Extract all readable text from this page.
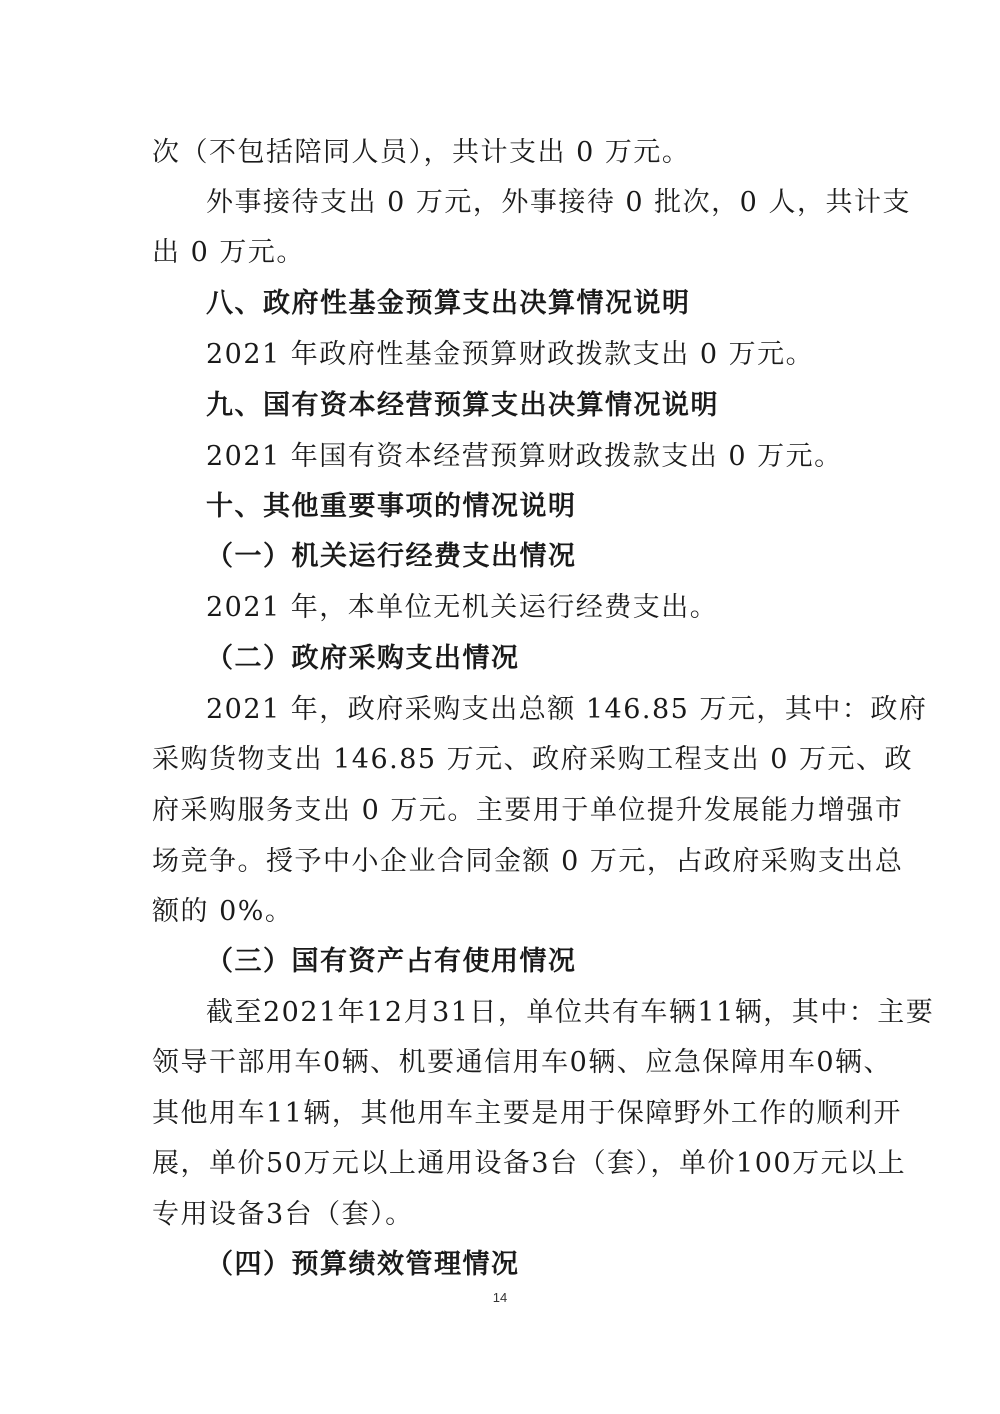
次（不包括陪同人员），共计支出 0 万元。
外事接待支出 0 万元，外事接待 0 批次，0 人，共计支
出 0 万元。
八、政府性基金预算支出决算情况说明
2021 年政府性基金预算财政拨款支出 0 万元。
九、国有资本经营预算支出决算情况说明
2021 年国有资本经营预算财政拨款支出 0 万元。
十、其他重要事项的情况说明
（一）机关运行经费支出情况
2021 年，本单位无机关运行经费支出。
（二）政府采购支出情况
2021 年，政府采购支出总额 146.85 万元，其中：政府
采购货物支出 146.85 万元、政府采购工程支出 0 万元、政
府采购服务支出 0 万元。主要用于单位提升发展能力增强市
场竞争。授予中小企业合同金额 0 万元，占政府采购支出总
额的 0%。
（三）国有资产占有使用情况
截至2021年12月31日，单位共有车辆11辆，其中：主要
领导干部用车0辆、机要通信用车0辆、应急保障用车0辆、
其他用车11辆，其他用车主要是用于保障野外工作的顺利开
展，单价50万元以上通用设备3台（套），单价100万元以上
专用设备3台（套）。
（四）预算绩效管理情况
14
